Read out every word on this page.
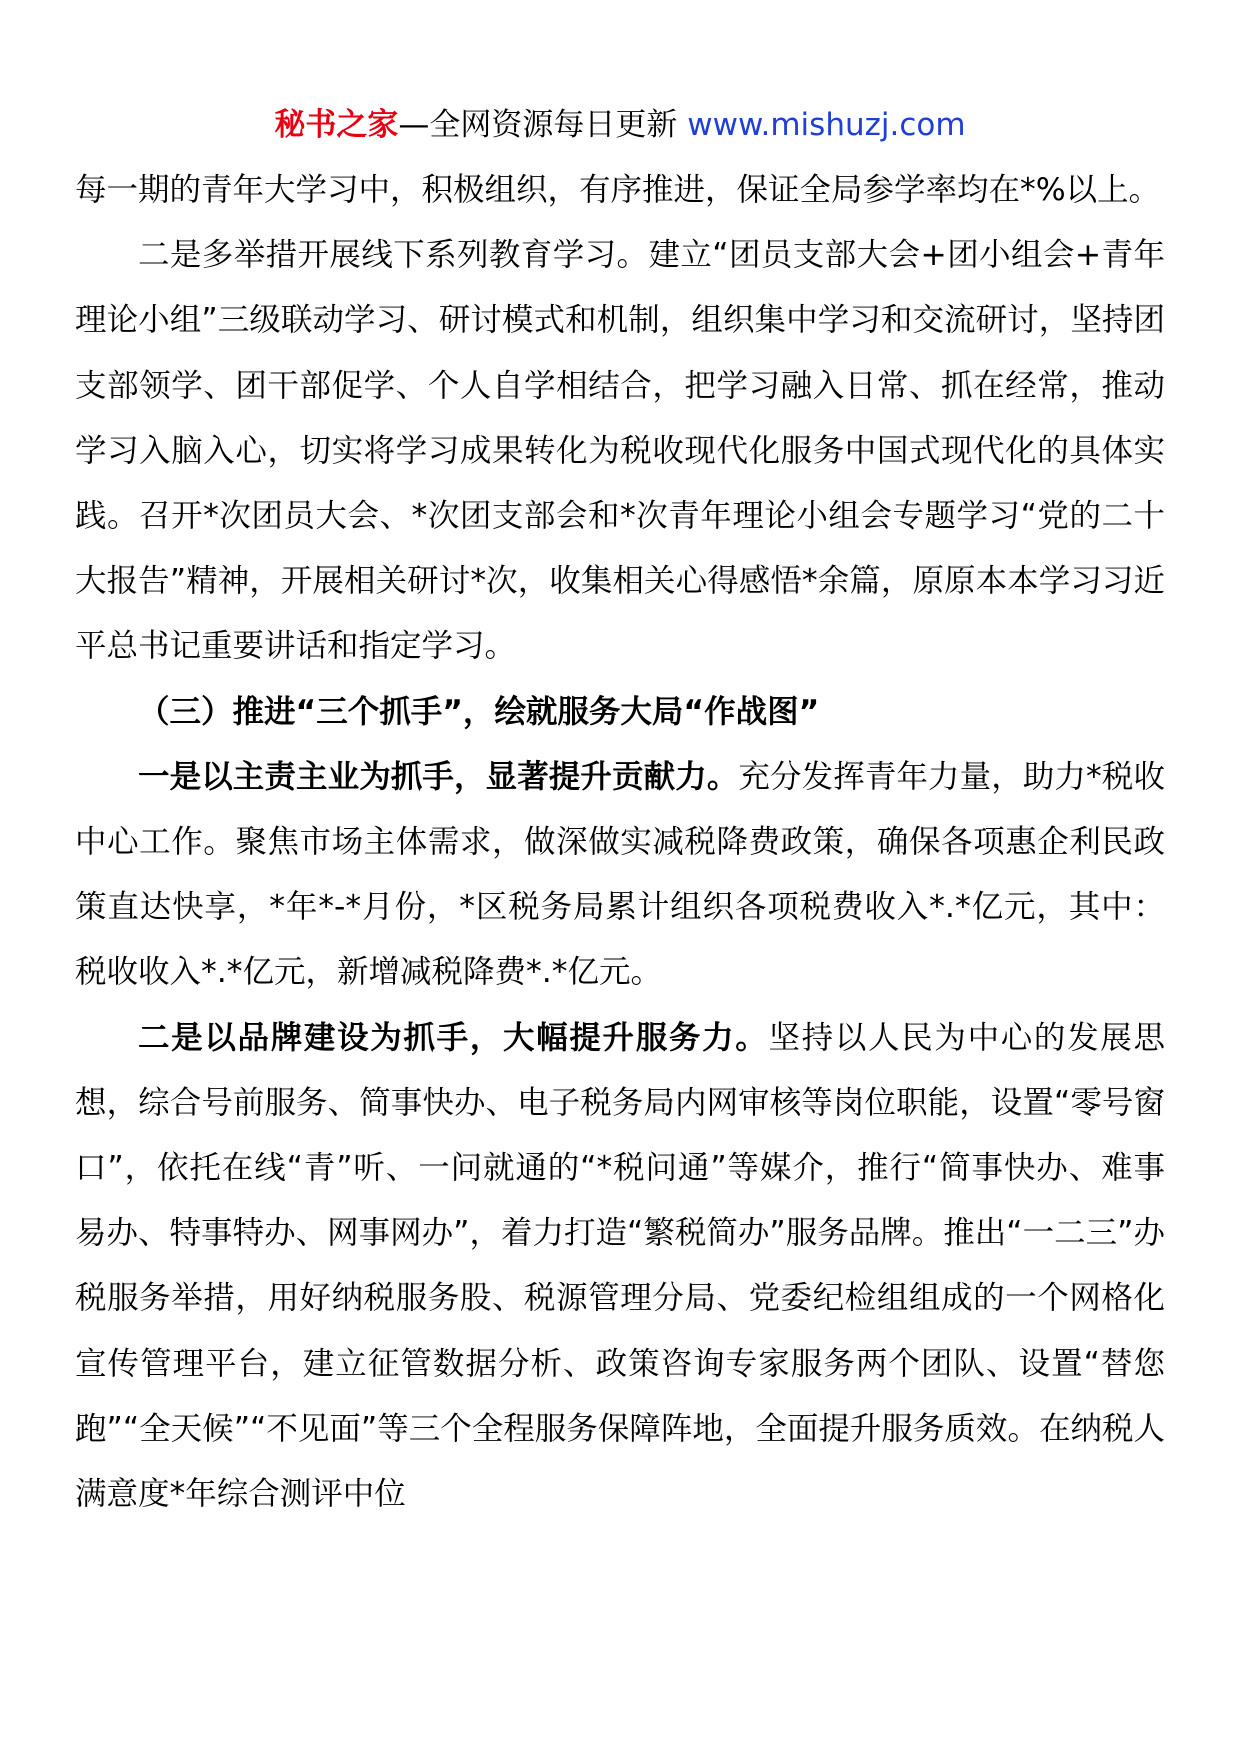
秘书之家—全网资源每日更新 www.mishuzj.com

每一期的青年大学习中，积极组织，有序推进，保证全局参学率均在*%以上。

二是多举措开展线下系列教育学习。建立“团员支部大会+团小组会+青年理论小组”三级联动学习、研讨模式和机制，组织集中学习和交流研讨，坚持团支部领学、团干部促学、个人自学相结合，把学习融入日常、抓在经常，推动学习入脑入心，切实将学习成果转化为税收现代化服务中国式现代化的具体实践。召开*次团员大会、*次团支部会和*次青年理论小组会专题学习“党的二十大报告”精神，开展相关研讨*次，收集相关心得感悟*余篇，原原本本学习习近平总书记重要讲话和指定学习。

（三）推进“三个抓手”，绘就服务大局“作战图”

一是以主责主业为抓手，显著提升贡献力。充分发挥青年力量，助力*税收中心工作。聚焦市场主体需求，做深做实减税降费政策，确保各项惠企利民政策直达快享，*年*-*月份，*区税务局累计组织各项税费收入*.*亿元，其中：税收收入*.*亿元，新增减税降费*.*亿元。

二是以品牌建设为抓手，大幅提升服务力。坚持以人民为中心的发展思想，综合号前服务、简事快办、电子税务局内网审核等岗位职能，设置“零号窗口”，依托在线“青”听、一问就通的“*税问通”等媒介，推行“简事快办、难事易办、特事特办、网事网办”，着力打造“繁税简办”服务品牌。推出“一二三”办税服务举措，用好纳税服务股、税源管理分局、党委纪检组组成的一个网格化宣传管理平台，建立征管数据分析、政策咨询专家服务两个团队、设置“替您跑”“全天候”“不见面”等三个全程服务保障阵地，全面提升服务质效。在纳税人满意度*年综合测评中位
